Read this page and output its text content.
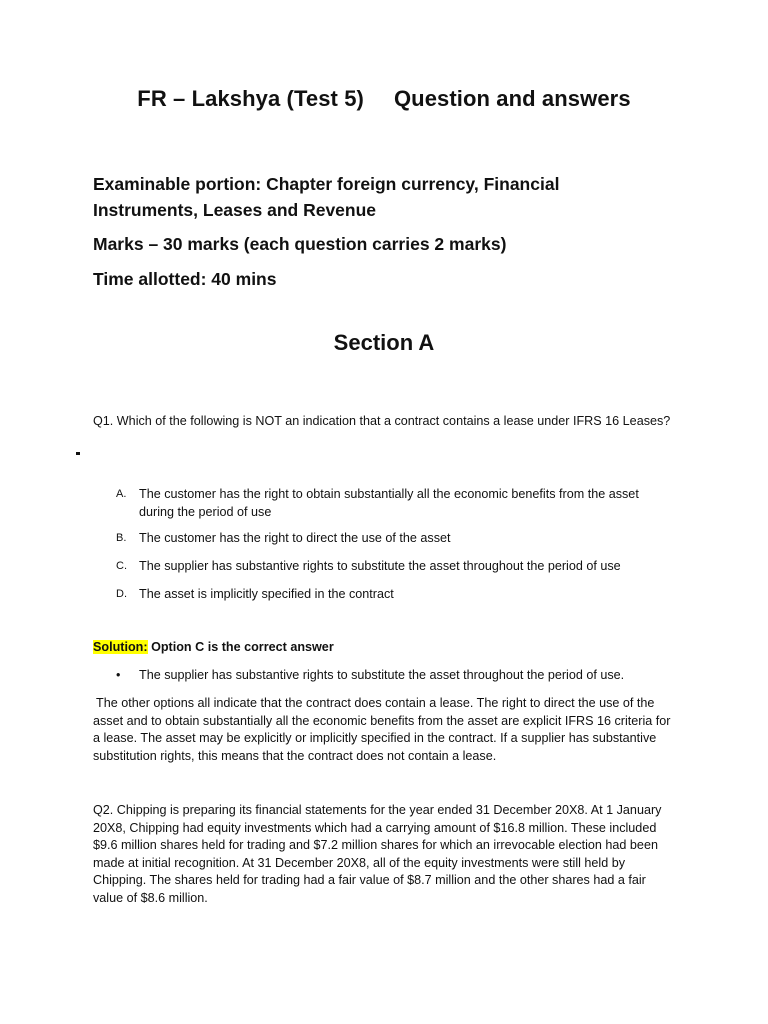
FR – Lakshya (Test 5) Question and answers
Examinable portion: Chapter foreign currency, Financial Instruments, Leases and Revenue
Marks – 30 marks (each question carries 2 marks)
Time allotted: 40 mins
Section A
Q1. Which of the following is NOT an indication that a contract contains a lease under IFRS 16 Leases?
A. The customer has the right to obtain substantially all the economic benefits from the asset during the period of use
B. The customer has the right to direct the use of the asset
C. The supplier has substantive rights to substitute the asset throughout the period of use
D. The asset is implicitly specified in the contract
Solution: Option C is the correct answer
• The supplier has substantive rights to substitute the asset throughout the period of use.
The other options all indicate that the contract does contain a lease. The right to direct the use of the asset and to obtain substantially all the economic benefits from the asset are explicit IFRS 16 criteria for a lease. The asset may be explicitly or implicitly specified in the contract. If a supplier has substantive substitution rights, this means that the contract does not contain a lease.
Q2. Chipping is preparing its financial statements for the year ended 31 December 20X8. At 1 January 20X8, Chipping had equity investments which had a carrying amount of $16.8 million. These included $9.6 million shares held for trading and $7.2 million shares for which an irrevocable election had been made at initial recognition. At 31 December 20X8, all of the equity investments were still held by Chipping. The shares held for trading had a fair value of $8.7 million and the other shares had a fair value of $8.6 million.
